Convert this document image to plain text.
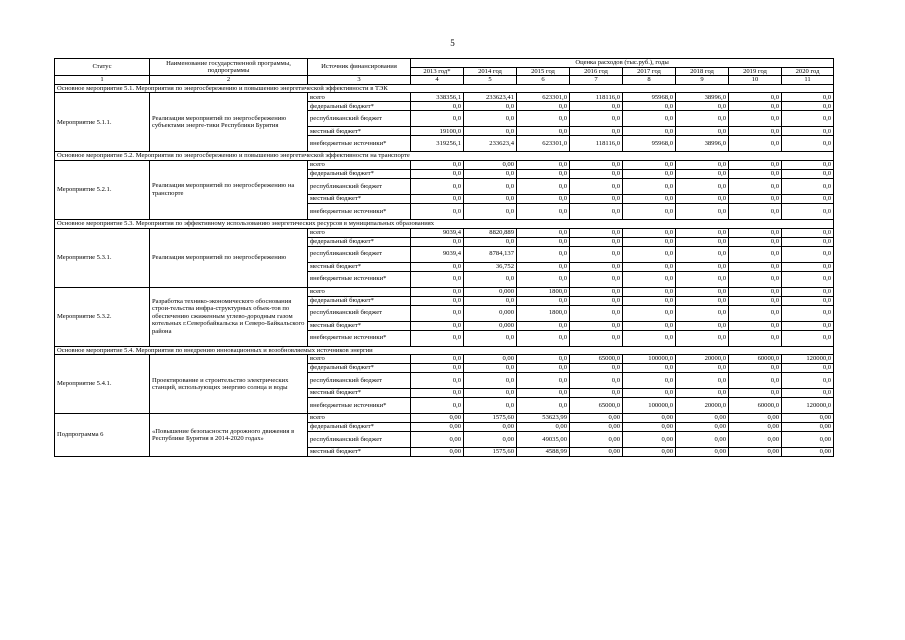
5
Статус	Наименование государственной программы, подпрограммы	Источник финансирования	Оценка расходов (тыс.руб.), годы							
			2013 год*	2014 год	2015 год	2016 год	2017 год	2018 год	2019 год	2020 год
1	2	3	4	5	6	7	8	9	10	11
Основное мероприятие 5.1. Мероприятия по энергосбережению и повышению энергетической эффективности в ТЭК										
Мероприятие 5.1.1.	Реализация мероприятий по энергосбережению субъектами энерге-тики Республики Бурятия	всего	338356,1	233623,41	623301,0	118116,0	95968,0	38996,0	0,0	0,0
		федеральный бюджет*	0,0	0,0	0,0	0,0	0,0	0,0	0,0	0,0
		республиканский бюджет	0,0	0,0	0,0	0,0	0,0	0,0	0,0	0,0
		местный бюджет*	19100,0	0,0	0,0	0,0	0,0	0,0	0,0	0,0
		внебюджетные источники*	319256,1	233623,4	623301,0	118116,0	95968,0	38996,0	0,0	0,0
Основное мероприятие 5.2. Мероприятия по энергосбережению и повышению энергетической эффективности на транспорте										
Мероприятие 5.2.1.	Реализация мероприятий по энергосбережению на транспорте	всего	0,0	0,00	0,0	0,0	0,0	0,0	0,0	0,0
		федеральный бюджет*	0,0	0,0	0,0	0,0	0,0	0,0	0,0	0,0
		республиканский бюджет	0,0	0,0	0,0	0,0	0,0	0,0	0,0	0,0
		местный бюджет*	0,0	0,0	0,0	0,0	0,0	0,0	0,0	0,0
		внебюджетные источники*	0,0	0,0	0,0	0,0	0,0	0,0	0,0	0,0
Основное мероприятие 5.3. Мероприятия по эффективному использованию энергетических ресурсов в муниципальных образованиях										
Мероприятие 5.3.1.	Реализация мероприятий по энергосбережению	всего	9039,4	8820,889	0,0	0,0	0,0	0,0	0,0	0,0
		федеральный бюджет*	0,0	0,0	0,0	0,0	0,0	0,0	0,0	0,0
		республиканский бюджет	9039,4	8784,137	0,0	0,0	0,0	0,0	0,0	0,0
		местный бюджет*	0,0	36,752	0,0	0,0	0,0	0,0	0,0	0,0
		внебюджетные источники*	0,0	0,0	0,0	0,0	0,0	0,0	0,0	0,0
Мероприятие 5.3.2.	Разработка технико-экономического обоснования строи-тельства инфра-структурных объек-тов по обеспечению сжиженным углево-дородным газом котельных г.Северобайкальска и Северо-Байкальского района	всего	0,0	0,000	1800,0	0,0	0,0	0,0	0,0	0,0
		федеральный бюджет*	0,0	0,0	0,0	0,0	0,0	0,0	0,0	0,0
		республиканский бюджет	0,0	0,000	1800,0	0,0	0,0	0,0	0,0	0,0
		местный бюджет*	0,0	0,000	0,0	0,0	0,0	0,0	0,0	0,0
		внебюджетные источники*	0,0	0,0	0,0	0,0	0,0	0,0	0,0	0,0
Основное мероприятие 5.4. Мероприятия по внедрению инновационных и возобновляемых источников энергии										
Мероприятие 5.4.1.	Проектирование и строительство электрических станций, использующих энергию солнца и воды	всего	0,0	0,00	0,0	65000,0	100000,0	20000,0	60000,0	120000,0
		федеральный бюджет*	0,0	0,0	0,0	0,0	0,0	0,0	0,0	0,0
		республиканский бюджет	0,0	0,0	0,0	0,0	0,0	0,0	0,0	0,0
		местный бюджет*	0,0	0,0	0,0	0,0	0,0	0,0	0,0	0,0
		внебюджетные источники*	0,0	0,0	0,0	65000,0	100000,0	20000,0	60000,0	120000,0
Подпрограмма 6	«Повышение безопасности дорожного движения в Республике Бурятия в 2014-2020 годах»	всего	0,00	1575,60	53623,99	0,00	0,00	0,00	0,00	0,00
		федеральный бюджет*	0,00	0,00	0,00	0,00	0,00	0,00	0,00	0,00
		республиканский бюджет	0,00	0,00	49035,00	0,00	0,00	0,00	0,00	0,00
		местный бюджет*	0,00	1575,60	4588,99	0,00	0,00	0,00	0,00	0,00
